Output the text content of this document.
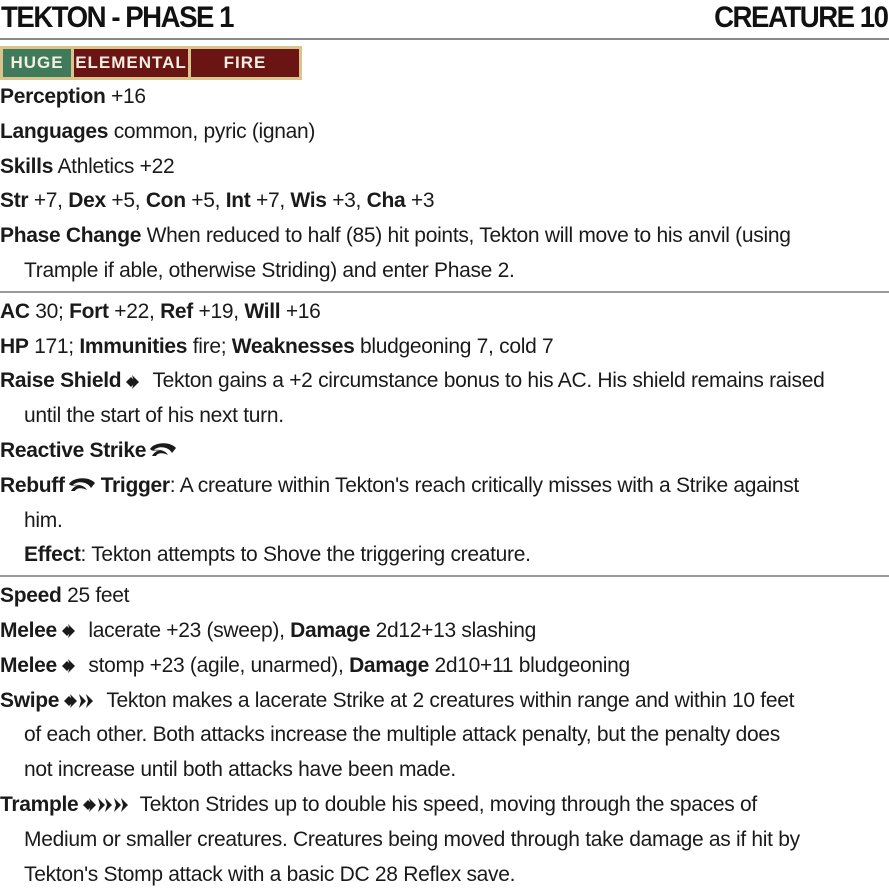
TEKTON - PHASE 1	CREATURE 10
HUGE ELEMENTAL	FIRE
Perception +16
Languages common, pyric (ignan)
Skills Athletics +22
Str +7, Dex +5, Con +5, Int +7, Wis +3, Cha +3
Phase Change When reduced to half (85) hit points, Tekton will move to his anvil (using
Trample if able, otherwise Striding) and enter Phase 2.
AC 30; Fort +22, Ref +19, Will +16
HP 171; Immunities fire; Weaknesses bludgeoning 7, cold 7
Raise Shield
Tekton gains a +2 circumstance bonus to his AC. His shield remains raised
until the start of his next turn.
Reactive Strike
Rebuff Trigger: A creature within Tekton's reach critically misses with a Strike against
him.
Effect: Tekton attempts to Shove the triggering creature.
Speed 25 feet
Melee
lacerate +23 (sweep), Damage 2d12+13 slashing
Melee
stomp +23 (agile, unarmed), Damage 2d10+11 bludgeoning
Swipe
Tekton makes a lacerate Strike at 2 creatures within range and within 10 feet
of each other. Both attacks increase the multiple attack penalty, but the penalty does
not increase until both attacks have been made.
Trample	Tekton Strides up to double his speed, moving through the spaces of
Medium or smaller creatures. Creatures being moved through take damage as if hit by
Tekton's Stomp attack with a basic DC 28 Reflex save.
